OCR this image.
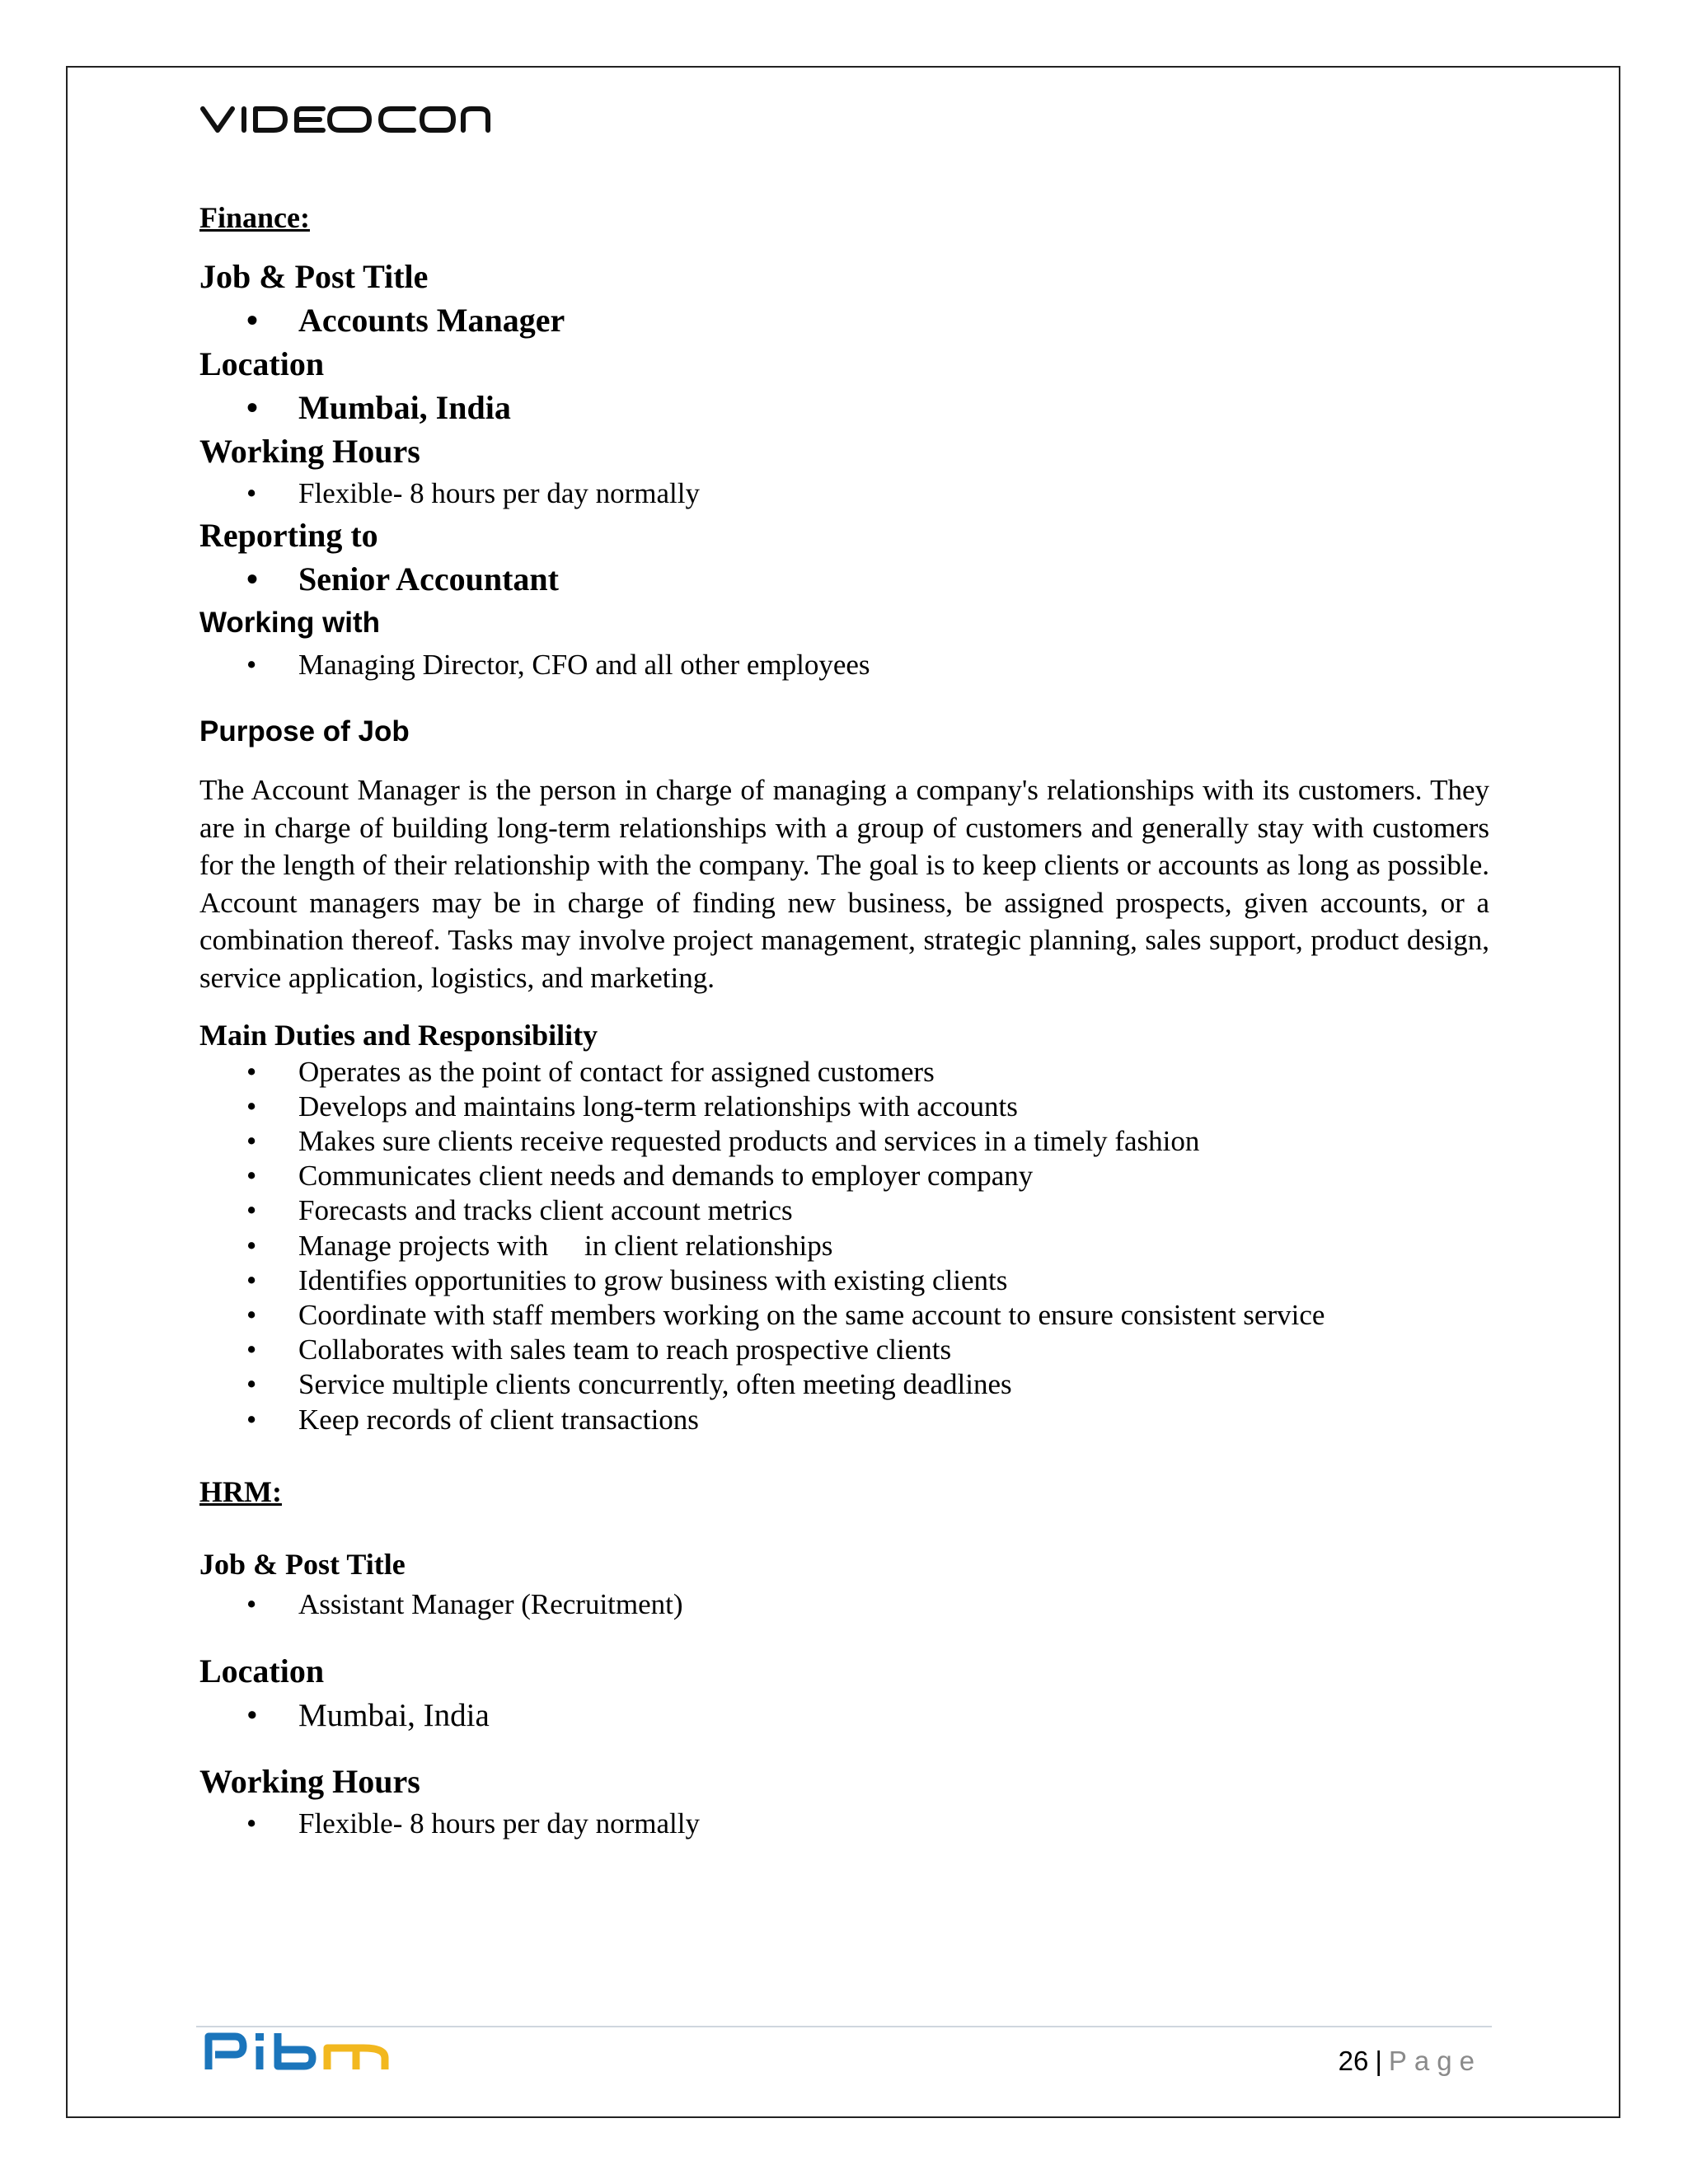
Finance:

Job & Post Title

• Accounts Manager

Location

• Mumbai, India

Working Hours

• Flexible- 8 hours per day normally

Reporting to

• Senior Accountant

Working with

• Managing Director, CFO and all other employees

Purpose of Job

The Account Manager is the person in charge of managing a company's relationships with its customers. They are in charge of building long-term relationships with a group of customers and generally stay with customers for the length of their relationship with the company. The goal is to keep clients or accounts as long as possible. Account managers may be in charge of finding new business, be assigned prospects, given accounts, or a combination thereof. Tasks may involve project management, strategic planning, sales support, product design, service application, logistics, and marketing.

Main Duties and Responsibility

• Operates as the point of contact for assigned customers
• Develops and maintains long-term relationships with accounts
• Makes sure clients receive requested products and services in a timely fashion
• Communicates client needs and demands to employer company
• Forecasts and tracks client account metrics
• Manage projects with     in client relationships
• Identifies opportunities to grow business with existing clients
• Coordinate with staff members working on the same account to ensure consistent service
• Collaborates with sales team to reach prospective clients
• Service multiple clients concurrently, often meeting deadlines
• Keep records of client transactions

HRM:

Job & Post Title

• Assistant Manager (Recruitment)

Location

• Mumbai, India

Working Hours

• Flexible- 8 hours per day normally
26 | Page
